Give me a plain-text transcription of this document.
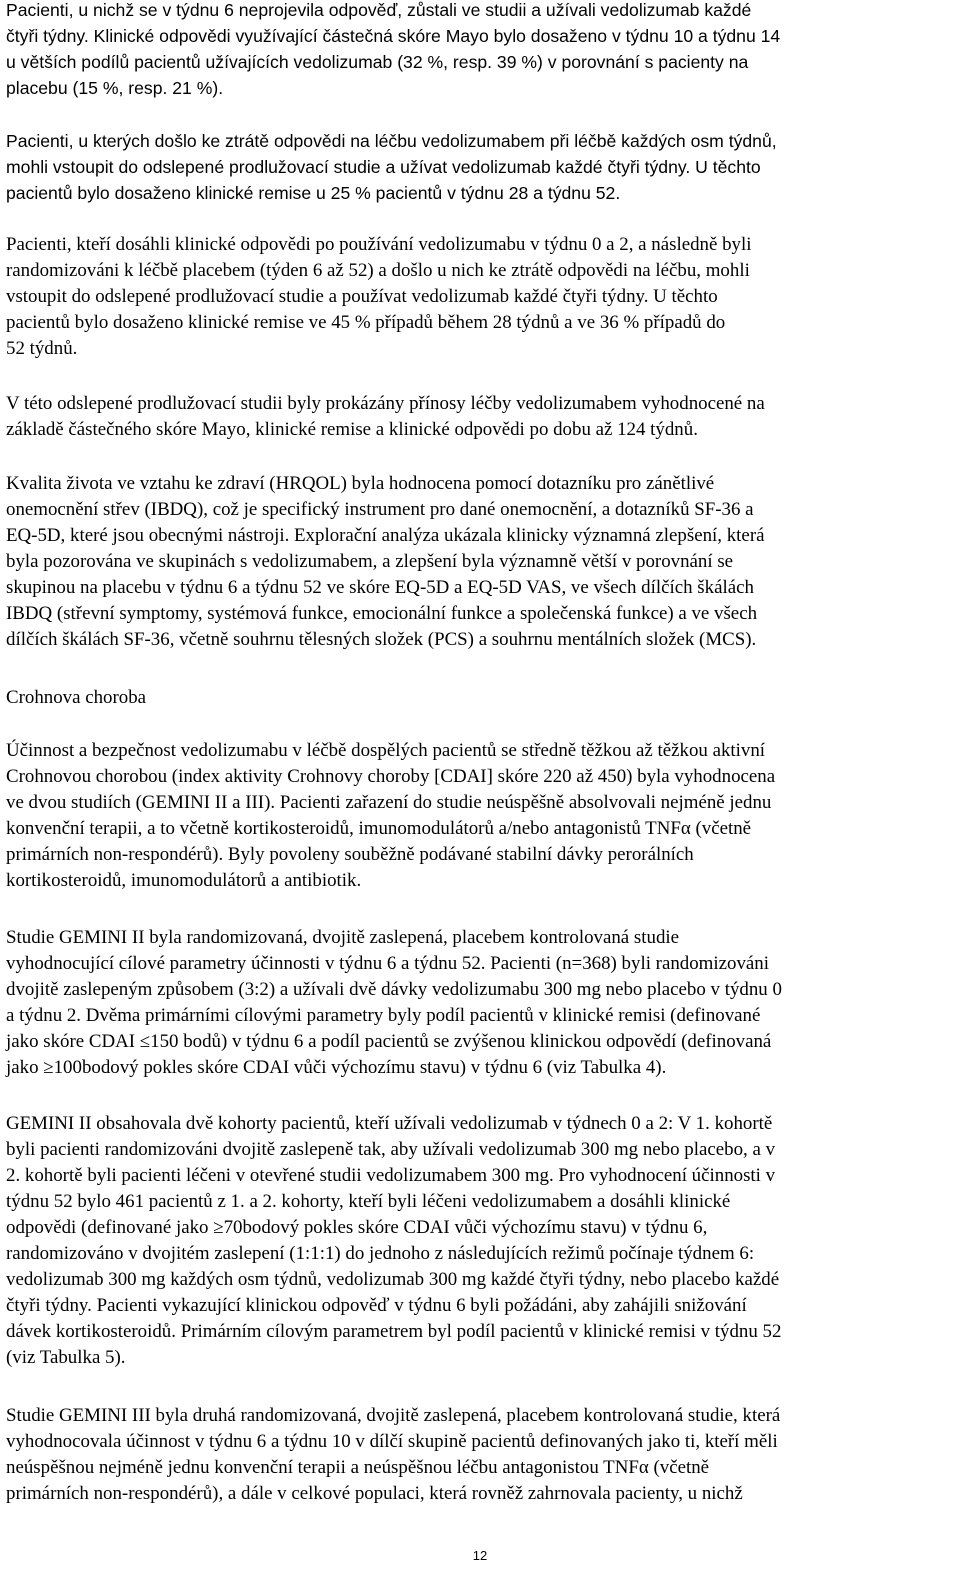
Pacienti, u nichž se v týdnu 6 neprojevila odpověď, zůstali ve studii a užívali vedolizumab každé
čtyři týdny. Klinické odpovědi využívající částečná skóre Mayo bylo dosaženo v týdnu 10 a týdnu 14
u větších podílů pacientů užívajících vedolizumab (32 %, resp. 39 %) v porovnání s pacienty na
placebu (15 %, resp. 21 %).

Pacienti, u kterých došlo ke ztrátě odpovědi na léčbu vedolizumabem při léčbě každých osm týdnů,
mohli vstoupit do odslepené prodlužovací studie a užívat vedolizumab každé čtyři týdny. U těchto
pacientů bylo dosaženo klinické remise u 25 % pacientů v týdnu 28 a týdnu 52.

Pacienti, kteří dosáhli klinické odpovědi po používání vedolizumabu v týdnu 0 a 2, a následně byli
randomizováni k léčbě placebem (týden 6 až 52) a došlo u nich ke ztrátě odpovědi na léčbu, mohli
vstoupit do odslepené prodlužovací studie a používat vedolizumab každé čtyři týdny. U těchto
pacientů bylo dosaženo klinické remise ve 45 % případů během 28 týdnů a ve 36 % případů do
52 týdnů.

V této odslepené prodlužovací studii byly prokázány přínosy léčby vedolizumabem vyhodnocené na
základě částečného skóre Mayo, klinické remise a klinické odpovědi po dobu až 124 týdnů.

Kvalita života ve vztahu ke zdraví (HRQOL) byla hodnocena pomocí dotazníku pro zánětlivé
onemocnění střev (IBDQ), což je specifický instrument pro dané onemocnění, a dotazníků SF-36 a
EQ-5D, které jsou obecnými nástroji. Explorační analýza ukázala klinicky významná zlepšení, která
byla pozorována ve skupinách s vedolizumabem, a zlepšení byla významně větší v porovnání se
skupinou na placebu v týdnu 6 a týdnu 52 ve skóre EQ-5D a EQ-5D VAS, ve všech dílčích škálách
IBDQ (střevní symptomy, systémová funkce, emocionální funkce a společenská funkce) a ve všech
dílčích škálách SF-36, včetně souhrnu tělesných složek (PCS) a souhrnu mentálních složek (MCS).

Crohnova choroba

Účinnost a bezpečnost vedolizumabu v léčbě dospělých pacientů se středně těžkou až těžkou aktivní
Crohnovou chorobou (index aktivity Crohnovy choroby [CDAI] skóre 220 až 450) byla vyhodnocena
ve dvou studiích (GEMINI II a III). Pacienti zařazení do studie neúspěšně absolvovali nejméně jednu
konvenční terapii, a to včetně kortikosteroidů, imunomodulátorů a/nebo antagonistů TNFα (včetně
primárních non-respondérů). Byly povoleny souběžně podávané stabilní dávky perorálních
kortikosteroidů, imunomodulátorů a antibiotik.

Studie GEMINI II byla randomizovaná, dvojitě zaslepená, placebem kontrolovaná studie
vyhodnocující cílové parametry účinnosti v týdnu 6 a týdnu 52. Pacienti (n=368) byli randomizováni
dvojitě zaslepeným způsobem (3:2) a užívali dvě dávky vedolizumabu 300 mg nebo placebo v týdnu 0
a týdnu 2. Dvěma primárními cílovými parametry byly podíl pacientů v klinické remisi (definované
jako skóre CDAI ≤150 bodů) v týdnu 6 a podíl pacientů se zvýšenou klinickou odpovědí (definovaná
jako ≥100bodový pokles skóre CDAI vůči výchozímu stavu) v týdnu 6 (viz Tabulka 4).

GEMINI II obsahovala dvě kohorty pacientů, kteří užívali vedolizumab v týdnech 0 a 2: V 1. kohortě
byli pacienti randomizováni dvojitě zaslepeně tak, aby užívali vedolizumab 300 mg nebo placebo, a v
2. kohortě byli pacienti léčeni v otevřené studii vedolizumabem 300 mg. Pro vyhodnocení účinnosti v
týdnu 52 bylo 461 pacientů z 1. a 2. kohorty, kteří byli léčeni vedolizumabem a dosáhli klinické
odpovědi (definované jako ≥70bodový pokles skóre CDAI vůči výchozímu stavu) v týdnu 6,
randomizováno v dvojitém zaslepení (1:1:1) do jednoho z následujících režimů počínaje týdnem 6:
vedolizumab 300 mg každých osm týdnů, vedolizumab 300 mg každé čtyři týdny, nebo placebo každé
čtyři týdny. Pacienti vykazující klinickou odpověď v týdnu 6 byli požádáni, aby zahájili snižování
dávek kortikosteroidů. Primárním cílovým parametrem byl podíl pacientů v klinické remisi v týdnu 52
(viz Tabulka 5).

Studie GEMINI III byla druhá randomizovaná, dvojitě zaslepená, placebem kontrolovaná studie, která
vyhodnocovala účinnost v týdnu 6 a týdnu 10 v dílčí skupině pacientů definovaných jako ti, kteří měli
neúspěšnou nejméně jednu konvenční terapii a neúspěšnou léčbu antagonistou TNFα (včetně
primárních non-respondérů), a dále v celkové populaci, která rovněž zahrnovala pacienty, u nichž

12
